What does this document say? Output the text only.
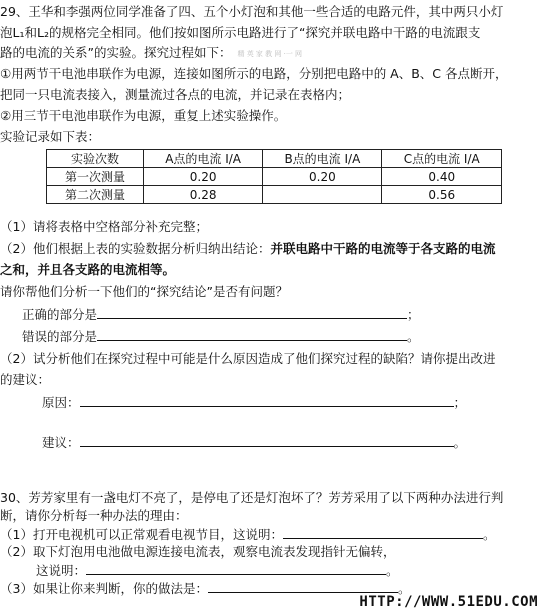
29、王华和李强两位同学准备了四、五个小灯泡和其他一些合适的电路元件，其中两只小灯
泡L₁和L₂的规格完全相同。他们按如图所示电路进行了“探究并联电路中干路的电流跟支
路的电流的关系”的实验。探究过程如下： 精 英 家 教 网 ·一 网
①用两节干电池串联作为电源，连接如图所示的电路，分别把电路中的 A、B、C 各点断开，
把同一只电流表接入，测量流过各点的电流，并记录在表格内；
②用三节干电池串联作为电源，重复上述实验操作。
实验记录如下表：
实验次数	A点的电流 I/A	B点的电流 I/A	C点的电流 I/A
第一次测量	0.20	0.20	0.40
第二次测量	0.28		0.56
（1）请将表格中空格部分补充完整；
（2）他们根据上表的实验数据分析归纳出结论：并联电路中干路的电流等于各支路的电流
之和，并且各支路的电流相等。
请你帮他们分析一下他们的“探究结论”是否有问题？
正确的部分是	；
错误的部分是	。
（2）试分析他们在探究过程中可能是什么原因造成了他们探究过程的缺陷？请你提出改进
的建议：
原因：	；
建议：	。
30、芳芳家里有一盏电灯不亮了，是停电了还是灯泡坏了？芳芳采用了以下两种办法进行判
断，请你分析每一种办法的理由：
（1）打开电视机可以正常观看电视节目，这说明：	。
（2）取下灯泡用电池做电源连接电流表，观察电流表发现指针无偏转，
这说明：	。
（3）如果让你来判断，你的做法是：	。
HTTP://WWW.51EDU.COM
